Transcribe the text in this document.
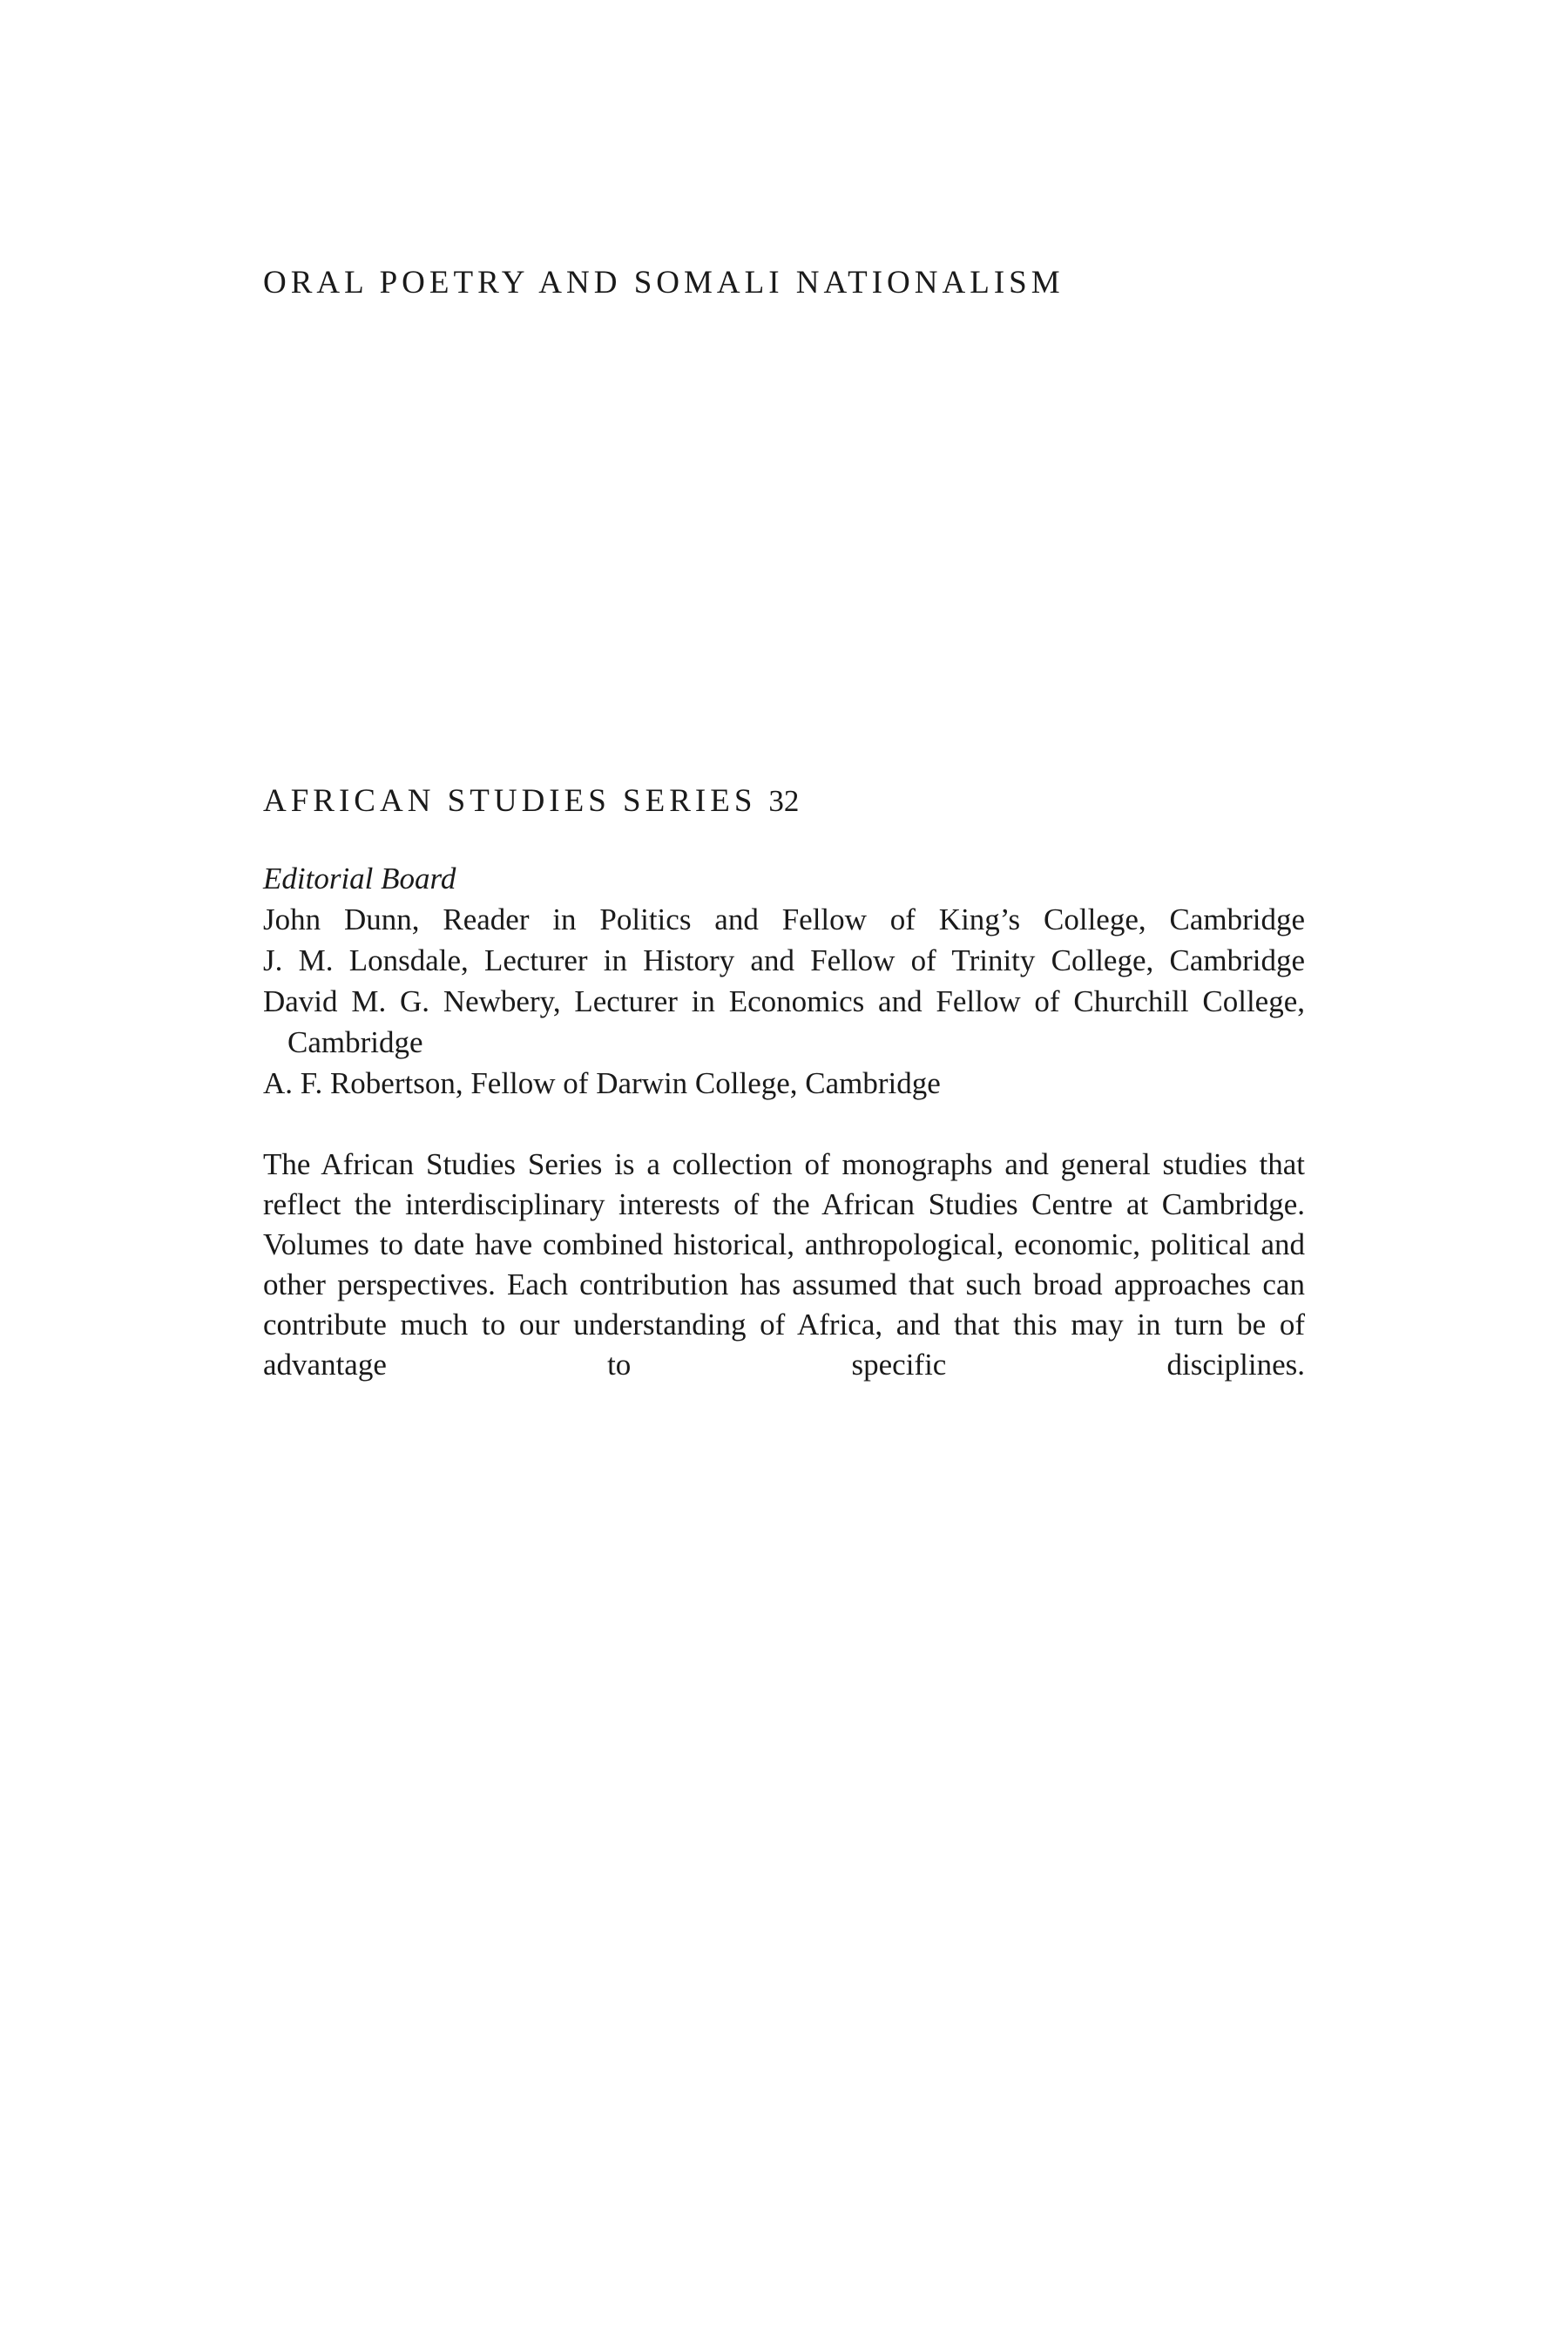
ORAL POETRY AND SOMALI NATIONALISM
AFRICAN STUDIES SERIES 32
Editorial Board
John Dunn, Reader in Politics and Fellow of King’s College, Cambridge
J. M. Lonsdale, Lecturer in History and Fellow of Trinity College, Cambridge
David M. G. Newbery, Lecturer in Economics and Fellow of Churchill College, Cambridge
A. F. Robertson, Fellow of Darwin College, Cambridge

The African Studies Series is a collection of monographs and general studies that reflect the interdisciplinary interests of the African Studies Centre at Cambridge. Volumes to date have combined historical, anthropological, economic, political and other perspectives. Each contribution has assumed that such broad approaches can contribute much to our understanding of Africa, and that this may in turn be of advantage to specific disciplines.
